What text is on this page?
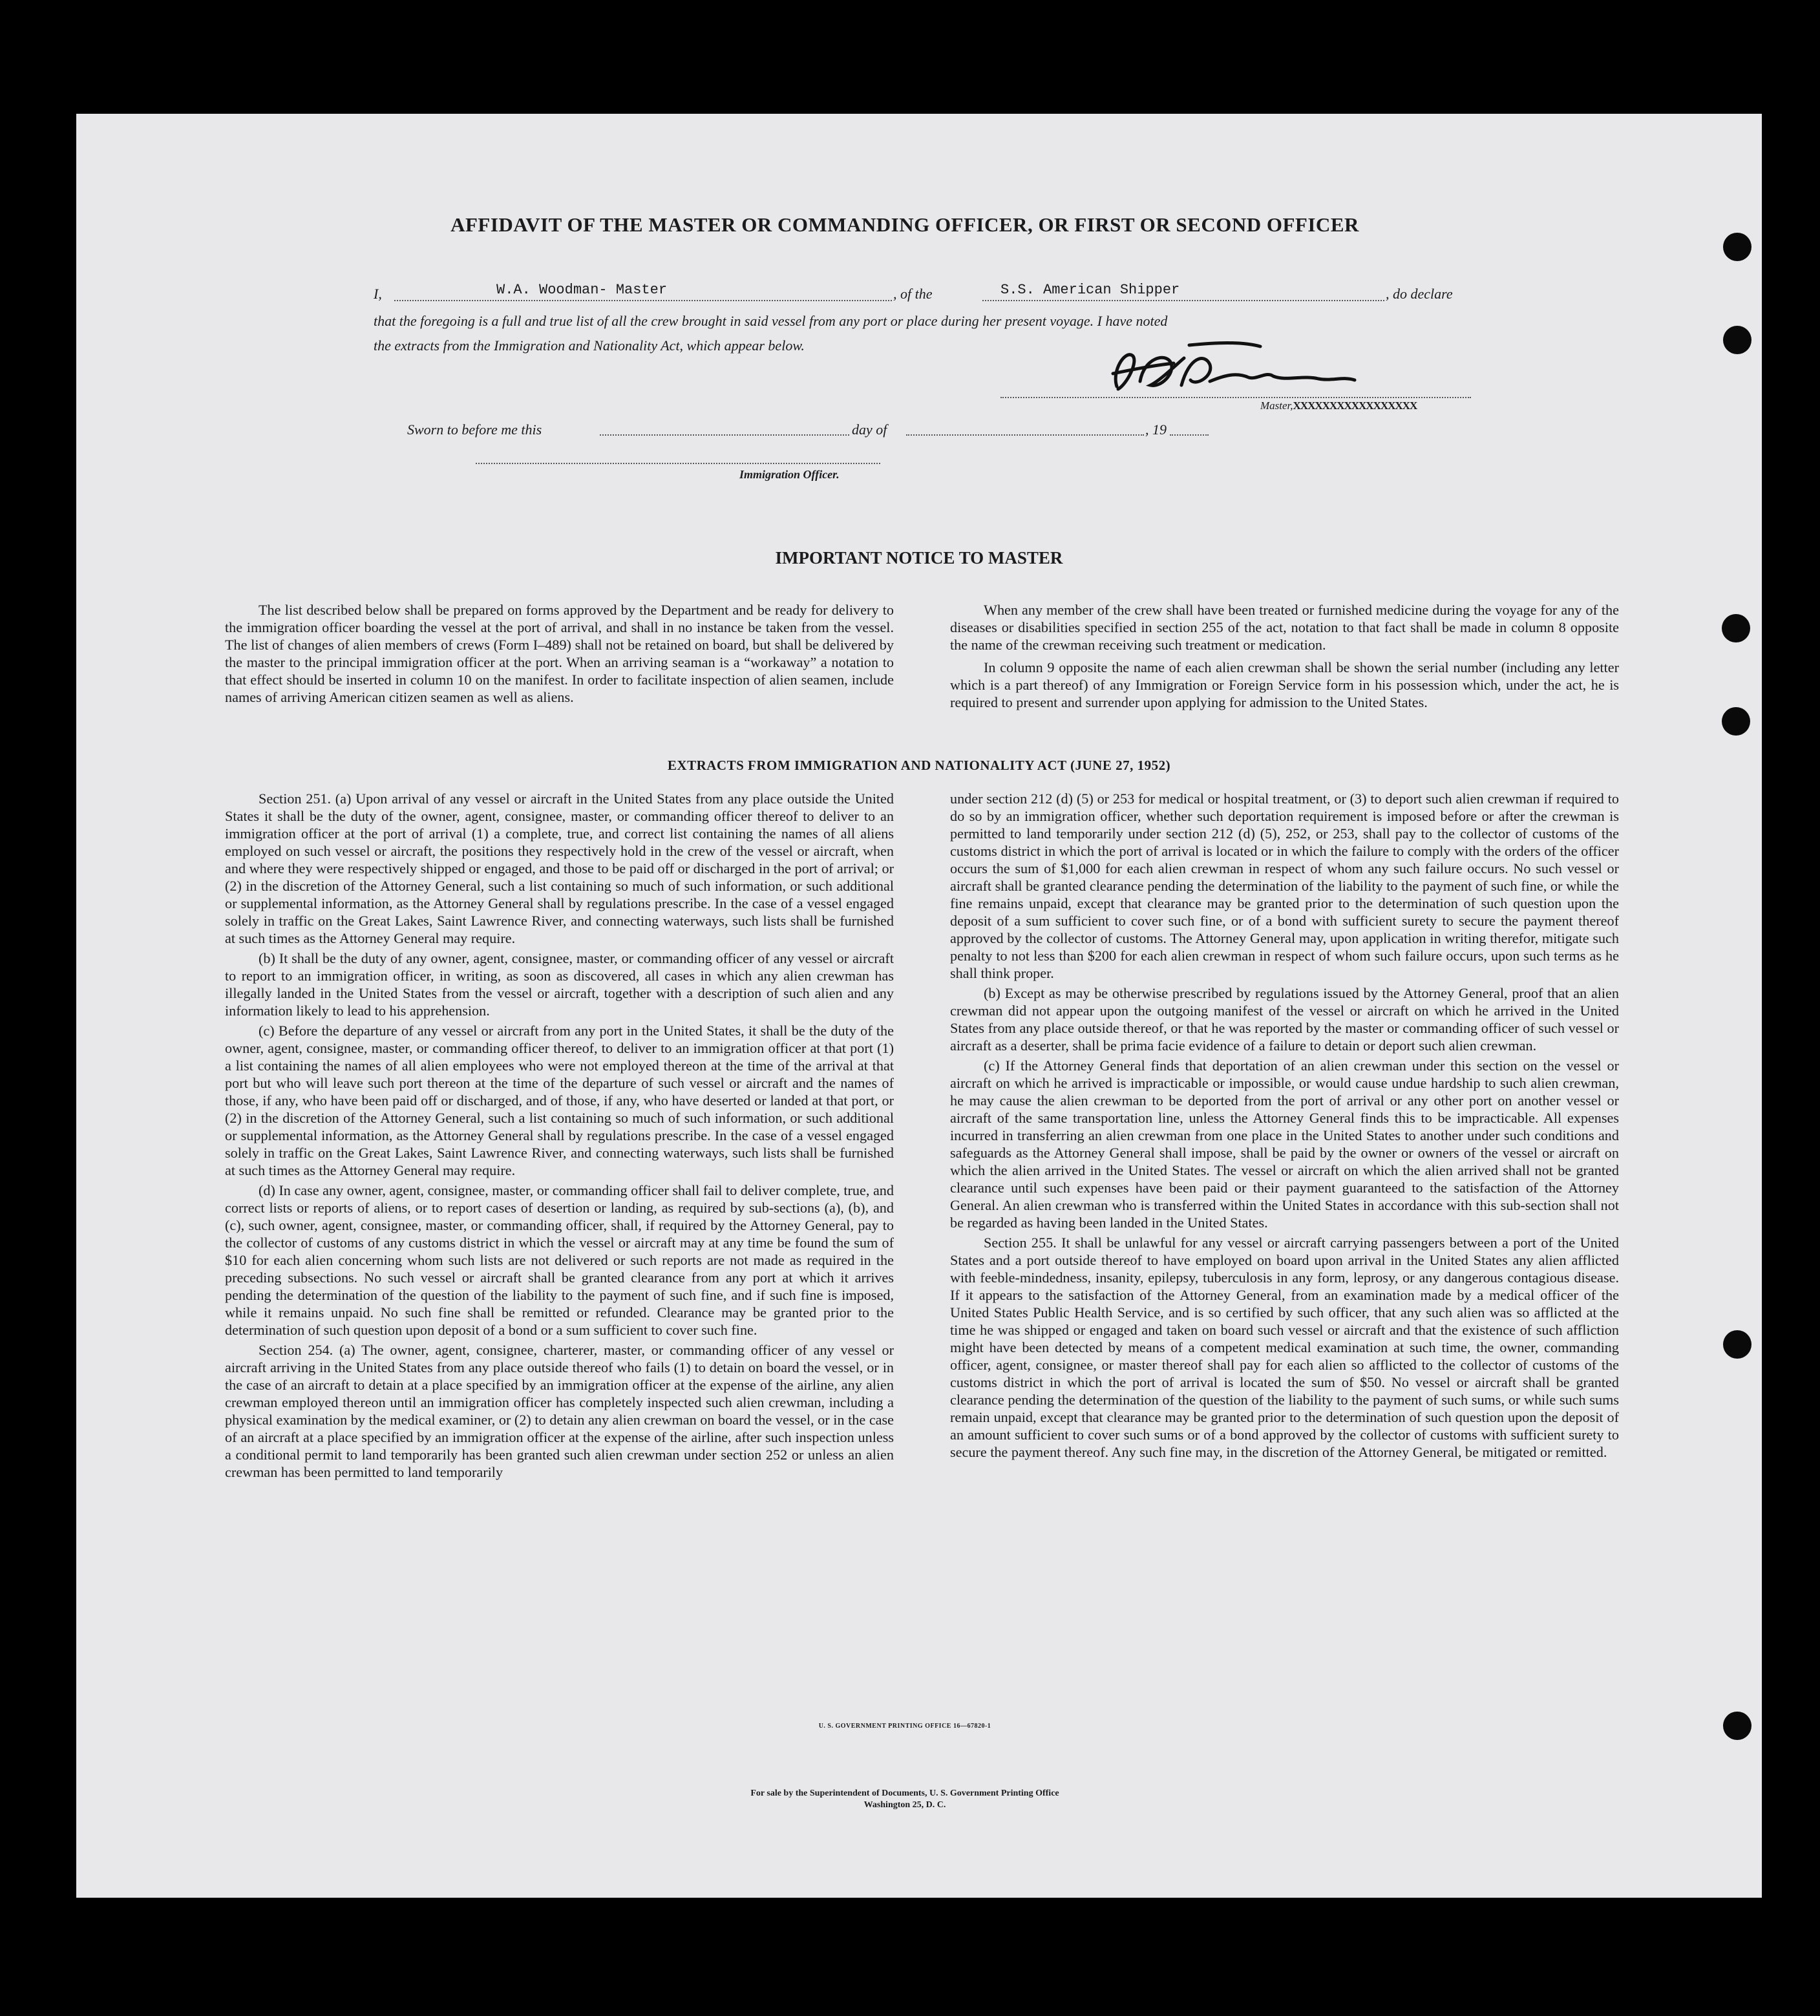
AFFIDAVIT OF THE MASTER OR COMMANDING OFFICER, OR FIRST OR SECOND OFFICER
I,	W.A. Woodman- Master	, of the	S.S. American Shipper	, do declare
that the foregoing is a full and true list of all the crew brought in said vessel from any port or place during her present voyage. I have noted
the extracts from the Immigration and Nationality Act, which appear below.
Master,XXXXXXXXXXXXXXXXX
Sworn to before me this	day of	, 19
Immigration Officer.
IMPORTANT NOTICE TO MASTER

The list described below shall be prepared on forms approved by the Department and be ready for delivery to the immigration officer boarding the vessel at the port of arrival, and shall in no instance be taken from the vessel. The list of changes of alien members of crews (Form I–489) shall not be retained on board, but shall be delivered by the master to the principal immigration officer at the port. When an arriving seaman is a “workaway” a notation to that effect should be inserted in column 10 on the manifest. In order to facilitate inspection of alien seamen, include names of arriving American citizen seamen as well as aliens.

When any member of the crew shall have been treated or furnished medicine during the voyage for any of the diseases or disabilities specified in section 255 of the act, notation to that fact shall be made in column 8 opposite the name of the crewman receiving such treatment or medication.

In column 9 opposite the name of each alien crewman shall be shown the serial number (including any letter which is a part thereof) of any Immigration or Foreign Service form in his possession which, under the act, he is required to present and surrender upon applying for admission to the United States.

EXTRACTS FROM IMMIGRATION AND NATIONALITY ACT (JUNE 27, 1952)

Section 251. (a) Upon arrival of any vessel or aircraft in the United States from any place outside the United States it shall be the duty of the owner, agent, consignee, master, or commanding officer thereof to deliver to an immigration officer at the port of arrival (1) a complete, true, and correct list containing the names of all aliens employed on such vessel or aircraft, the positions they respectively hold in the crew of the vessel or aircraft, when and where they were respectively shipped or engaged, and those to be paid off or discharged in the port of arrival; or (2) in the discretion of the Attorney General, such a list containing so much of such information, or such additional or supplemental information, as the Attorney General shall by regulations prescribe. In the case of a vessel engaged solely in traffic on the Great Lakes, Saint Lawrence River, and connecting waterways, such lists shall be furnished at such times as the Attorney General may require.

(b) It shall be the duty of any owner, agent, consignee, master, or commanding officer of any vessel or aircraft to report to an immigration officer, in writing, as soon as discovered, all cases in which any alien crewman has illegally landed in the United States from the vessel or aircraft, together with a description of such alien and any information likely to lead to his apprehension.

(c) Before the departure of any vessel or aircraft from any port in the United States, it shall be the duty of the owner, agent, consignee, master, or commanding officer thereof, to deliver to an immigration officer at that port (1) a list containing the names of all alien employees who were not employed thereon at the time of the arrival at that port but who will leave such port thereon at the time of the departure of such vessel or aircraft and the names of those, if any, who have been paid off or discharged, and of those, if any, who have deserted or landed at that port, or (2) in the discretion of the Attorney General, such a list containing so much of such information, or such additional or supplemental information, as the Attorney General shall by regulations prescribe. In the case of a vessel engaged solely in traffic on the Great Lakes, Saint Lawrence River, and connecting waterways, such lists shall be furnished at such times as the Attorney General may require.

(d) In case any owner, agent, consignee, master, or commanding officer shall fail to deliver complete, true, and correct lists or reports of aliens, or to report cases of desertion or landing, as required by sub-sections (a), (b), and (c), such owner, agent, consignee, master, or commanding officer, shall, if required by the Attorney General, pay to the collector of customs of any customs district in which the vessel or aircraft may at any time be found the sum of $10 for each alien concerning whom such lists are not delivered or such reports are not made as required in the preceding subsections. No such vessel or aircraft shall be granted clearance from any port at which it arrives pending the determination of the question of the liability to the payment of such fine, and if such fine is imposed, while it remains unpaid. No such fine shall be remitted or refunded. Clearance may be granted prior to the determination of such question upon deposit of a bond or a sum sufficient to cover such fine.

Section 254. (a) The owner, agent, consignee, charterer, master, or commanding officer of any vessel or aircraft arriving in the United States from any place outside thereof who fails (1) to detain on board the vessel, or in the case of an aircraft to detain at a place specified by an immigration officer at the expense of the airline, any alien crewman employed thereon until an immigration officer has completely inspected such alien crewman, including a physical examination by the medical examiner, or (2) to detain any alien crewman on board the vessel, or in the case of an aircraft at a place specified by an immigration officer at the expense of the airline, after such inspection unless a conditional permit to land temporarily has been granted such alien crewman under section 252 or unless an alien crewman has been permitted to land temporarily

under section 212 (d) (5) or 253 for medical or hospital treatment, or (3) to deport such alien crewman if required to do so by an immigration officer, whether such deportation requirement is imposed before or after the crewman is permitted to land temporarily under section 212 (d) (5), 252, or 253, shall pay to the collector of customs of the customs district in which the port of arrival is located or in which the failure to comply with the orders of the officer occurs the sum of $1,000 for each alien crewman in respect of whom any such failure occurs. No such vessel or aircraft shall be granted clearance pending the determination of the liability to the payment of such fine, or while the fine remains unpaid, except that clearance may be granted prior to the determination of such question upon the deposit of a sum sufficient to cover such fine, or of a bond with sufficient surety to secure the payment thereof approved by the collector of customs. The Attorney General may, upon application in writing therefor, mitigate such penalty to not less than $200 for each alien crewman in respect of whom such failure occurs, upon such terms as he shall think proper.

(b) Except as may be otherwise prescribed by regulations issued by the Attorney General, proof that an alien crewman did not appear upon the outgoing manifest of the vessel or aircraft on which he arrived in the United States from any place outside thereof, or that he was reported by the master or commanding officer of such vessel or aircraft as a deserter, shall be prima facie evidence of a failure to detain or deport such alien crewman.

(c) If the Attorney General finds that deportation of an alien crewman under this section on the vessel or aircraft on which he arrived is impracticable or impossible, or would cause undue hardship to such alien crewman, he may cause the alien crewman to be deported from the port of arrival or any other port on another vessel or aircraft of the same transportation line, unless the Attorney General finds this to be impracticable. All expenses incurred in transferring an alien crewman from one place in the United States to another under such conditions and safeguards as the Attorney General shall impose, shall be paid by the owner or owners of the vessel or aircraft on which the alien arrived in the United States. The vessel or aircraft on which the alien arrived shall not be granted clearance until such expenses have been paid or their payment guaranteed to the satisfaction of the Attorney General. An alien crewman who is transferred within the United States in accordance with this sub-section shall not be regarded as having been landed in the United States.

Section 255. It shall be unlawful for any vessel or aircraft carrying passengers between a port of the United States and a port outside thereof to have employed on board upon arrival in the United States any alien afflicted with feeble-mindedness, insanity, epilepsy, tuberculosis in any form, leprosy, or any dangerous contagious disease. If it appears to the satisfaction of the Attorney General, from an examination made by a medical officer of the United States Public Health Service, and is so certified by such officer, that any such alien was so afflicted at the time he was shipped or engaged and taken on board such vessel or aircraft and that the existence of such affliction might have been detected by means of a competent medical examination at such time, the owner, commanding officer, agent, consignee, or master thereof shall pay for each alien so afflicted to the collector of customs of the customs district in which the port of arrival is located the sum of $50. No vessel or aircraft shall be granted clearance pending the determination of the question of the liability to the payment of such sums, or while such sums remain unpaid, except that clearance may be granted prior to the determination of such question upon the deposit of an amount sufficient to cover such sums or of a bond approved by the collector of customs with sufficient surety to secure the payment thereof. Any such fine may, in the discretion of the Attorney General, be mitigated or remitted.

U. S. GOVERNMENT PRINTING OFFICE 16—67820-1
For sale by the Superintendent of Documents, U. S. Government Printing Office
Washington 25, D. C.
